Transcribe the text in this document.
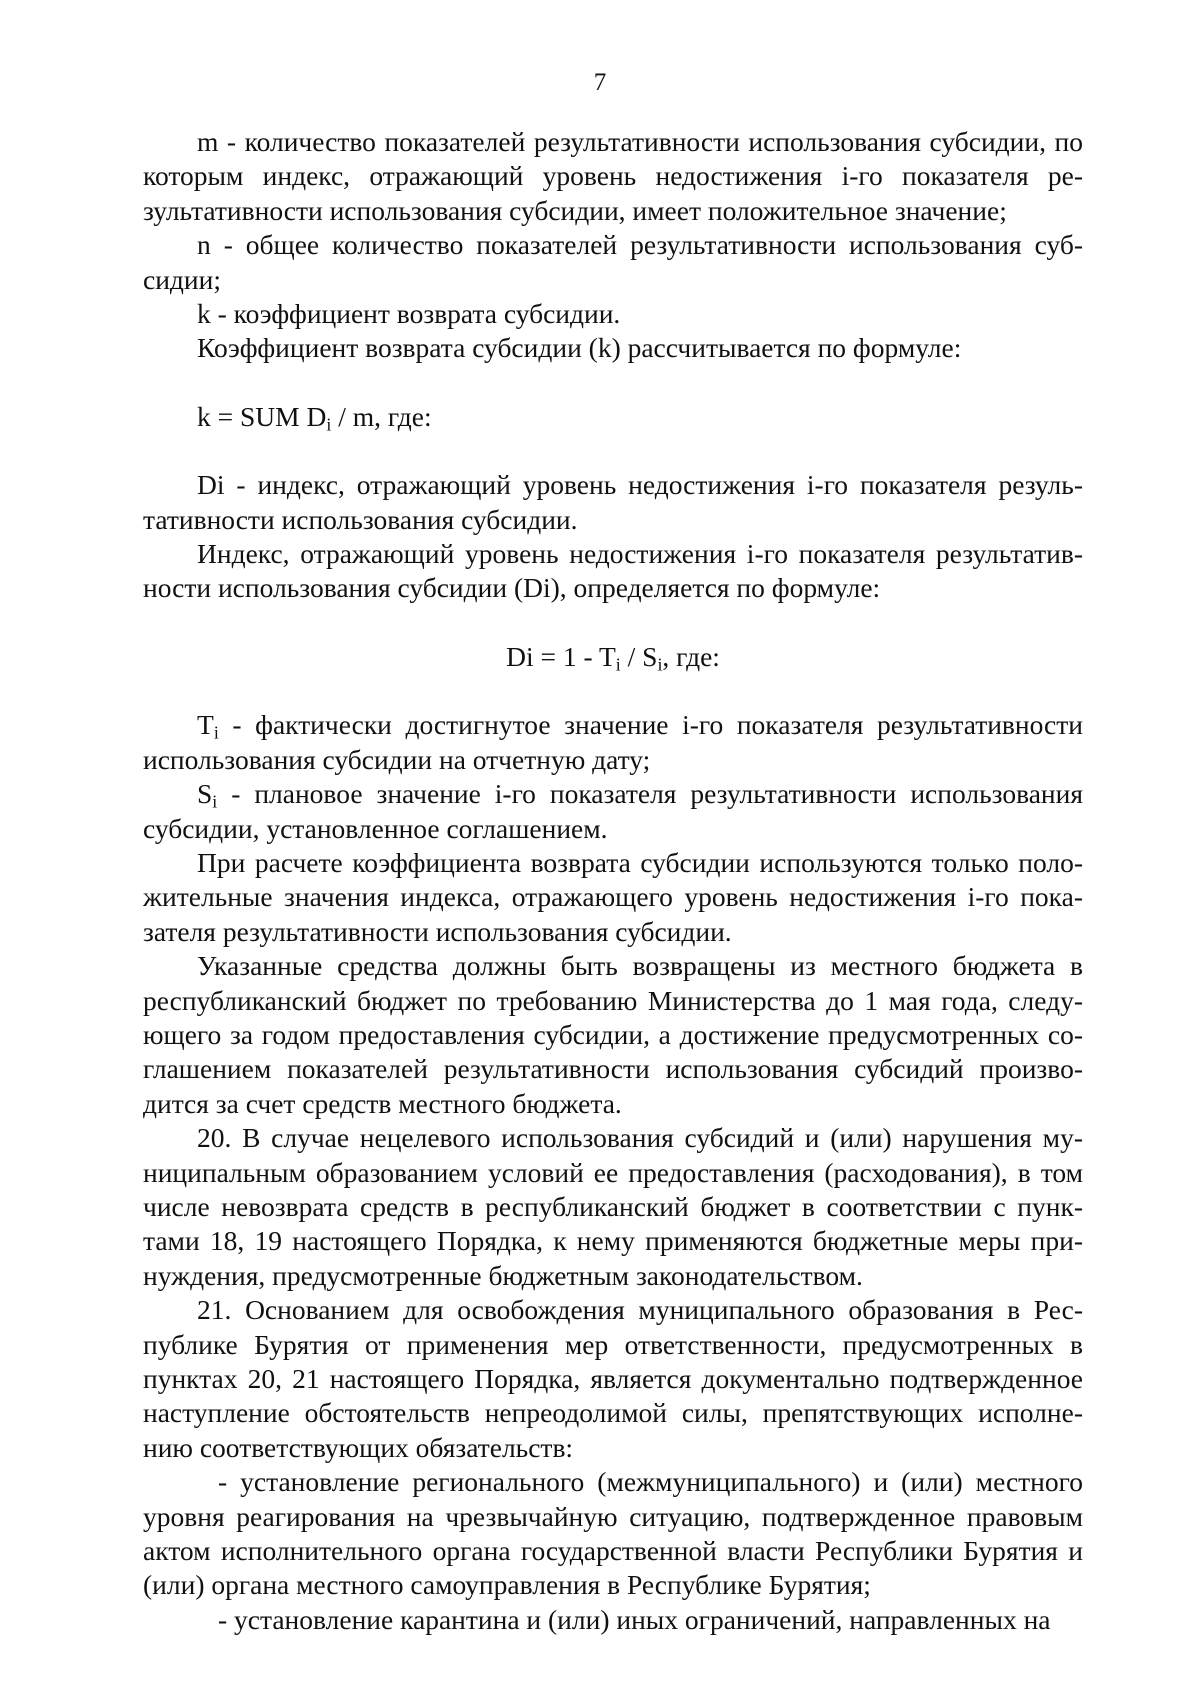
7

m - количество показателей результативности использования субсидии, по которым индекс, отражающий уровень недостижения i-го показателя результативности использования субсидии, имеет положительное значение;

n - общее количество показателей результативности использования субсидии;

k - коэффициент возврата субсидии.

Коэффициент возврата субсидии (k) рассчитывается по формуле:

k = SUM $D_i$ / m, где:

Di - индекс, отражающий уровень недостижения i-го показателя результативности использования субсидии.

Индекс, отражающий уровень недостижения i-го показателя результативности использования субсидии (Di), определяется по формуле:

$Di = 1 - T_i / S_i$, где:

$T_i$ - фактически достигнутое значение i-го показателя результативности использования субсидии на отчетную дату;

$S_i$ - плановое значение i-го показателя результативности использования субсидии, установленное соглашением.

При расчете коэффициента возврата субсидии используются только положительные значения индекса, отражающего уровень недостижения i-го показателя результативности использования субсидии.

Указанные средства должны быть возвращены из местного бюджета в республиканский бюджет по требованию Министерства до 1 мая года, следующего за годом предоставления субсидии, а достижение предусмотренных соглашением показателей результативности использования субсидий производится за счет средств местного бюджета.

20. В случае нецелевого использования субсидий и (или) нарушения муниципальным образованием условий ее предоставления (расходования), в том числе невозврата средств в республиканский бюджет в соответствии с пунктами 18, 19 настоящего Порядка, к нему применяются бюджетные меры принуждения, предусмотренные бюджетным законодательством.

21. Основанием для освобождения муниципального образования в Республике Бурятия от применения мер ответственности, предусмотренных в пунктах 20, 21 настоящего Порядка, является документально подтвержденное наступление обстоятельств непреодолимой силы, препятствующих исполнению соответствующих обязательств:

- установление регионального (межмуниципального) и (или) местного уровня реагирования на чрезвычайную ситуацию, подтвержденное правовым актом исполнительного органа государственной власти Республики Бурятия и (или) органа местного самоуправления в Республике Бурятия;

- установление карантина и (или) иных ограничений, направленных на
